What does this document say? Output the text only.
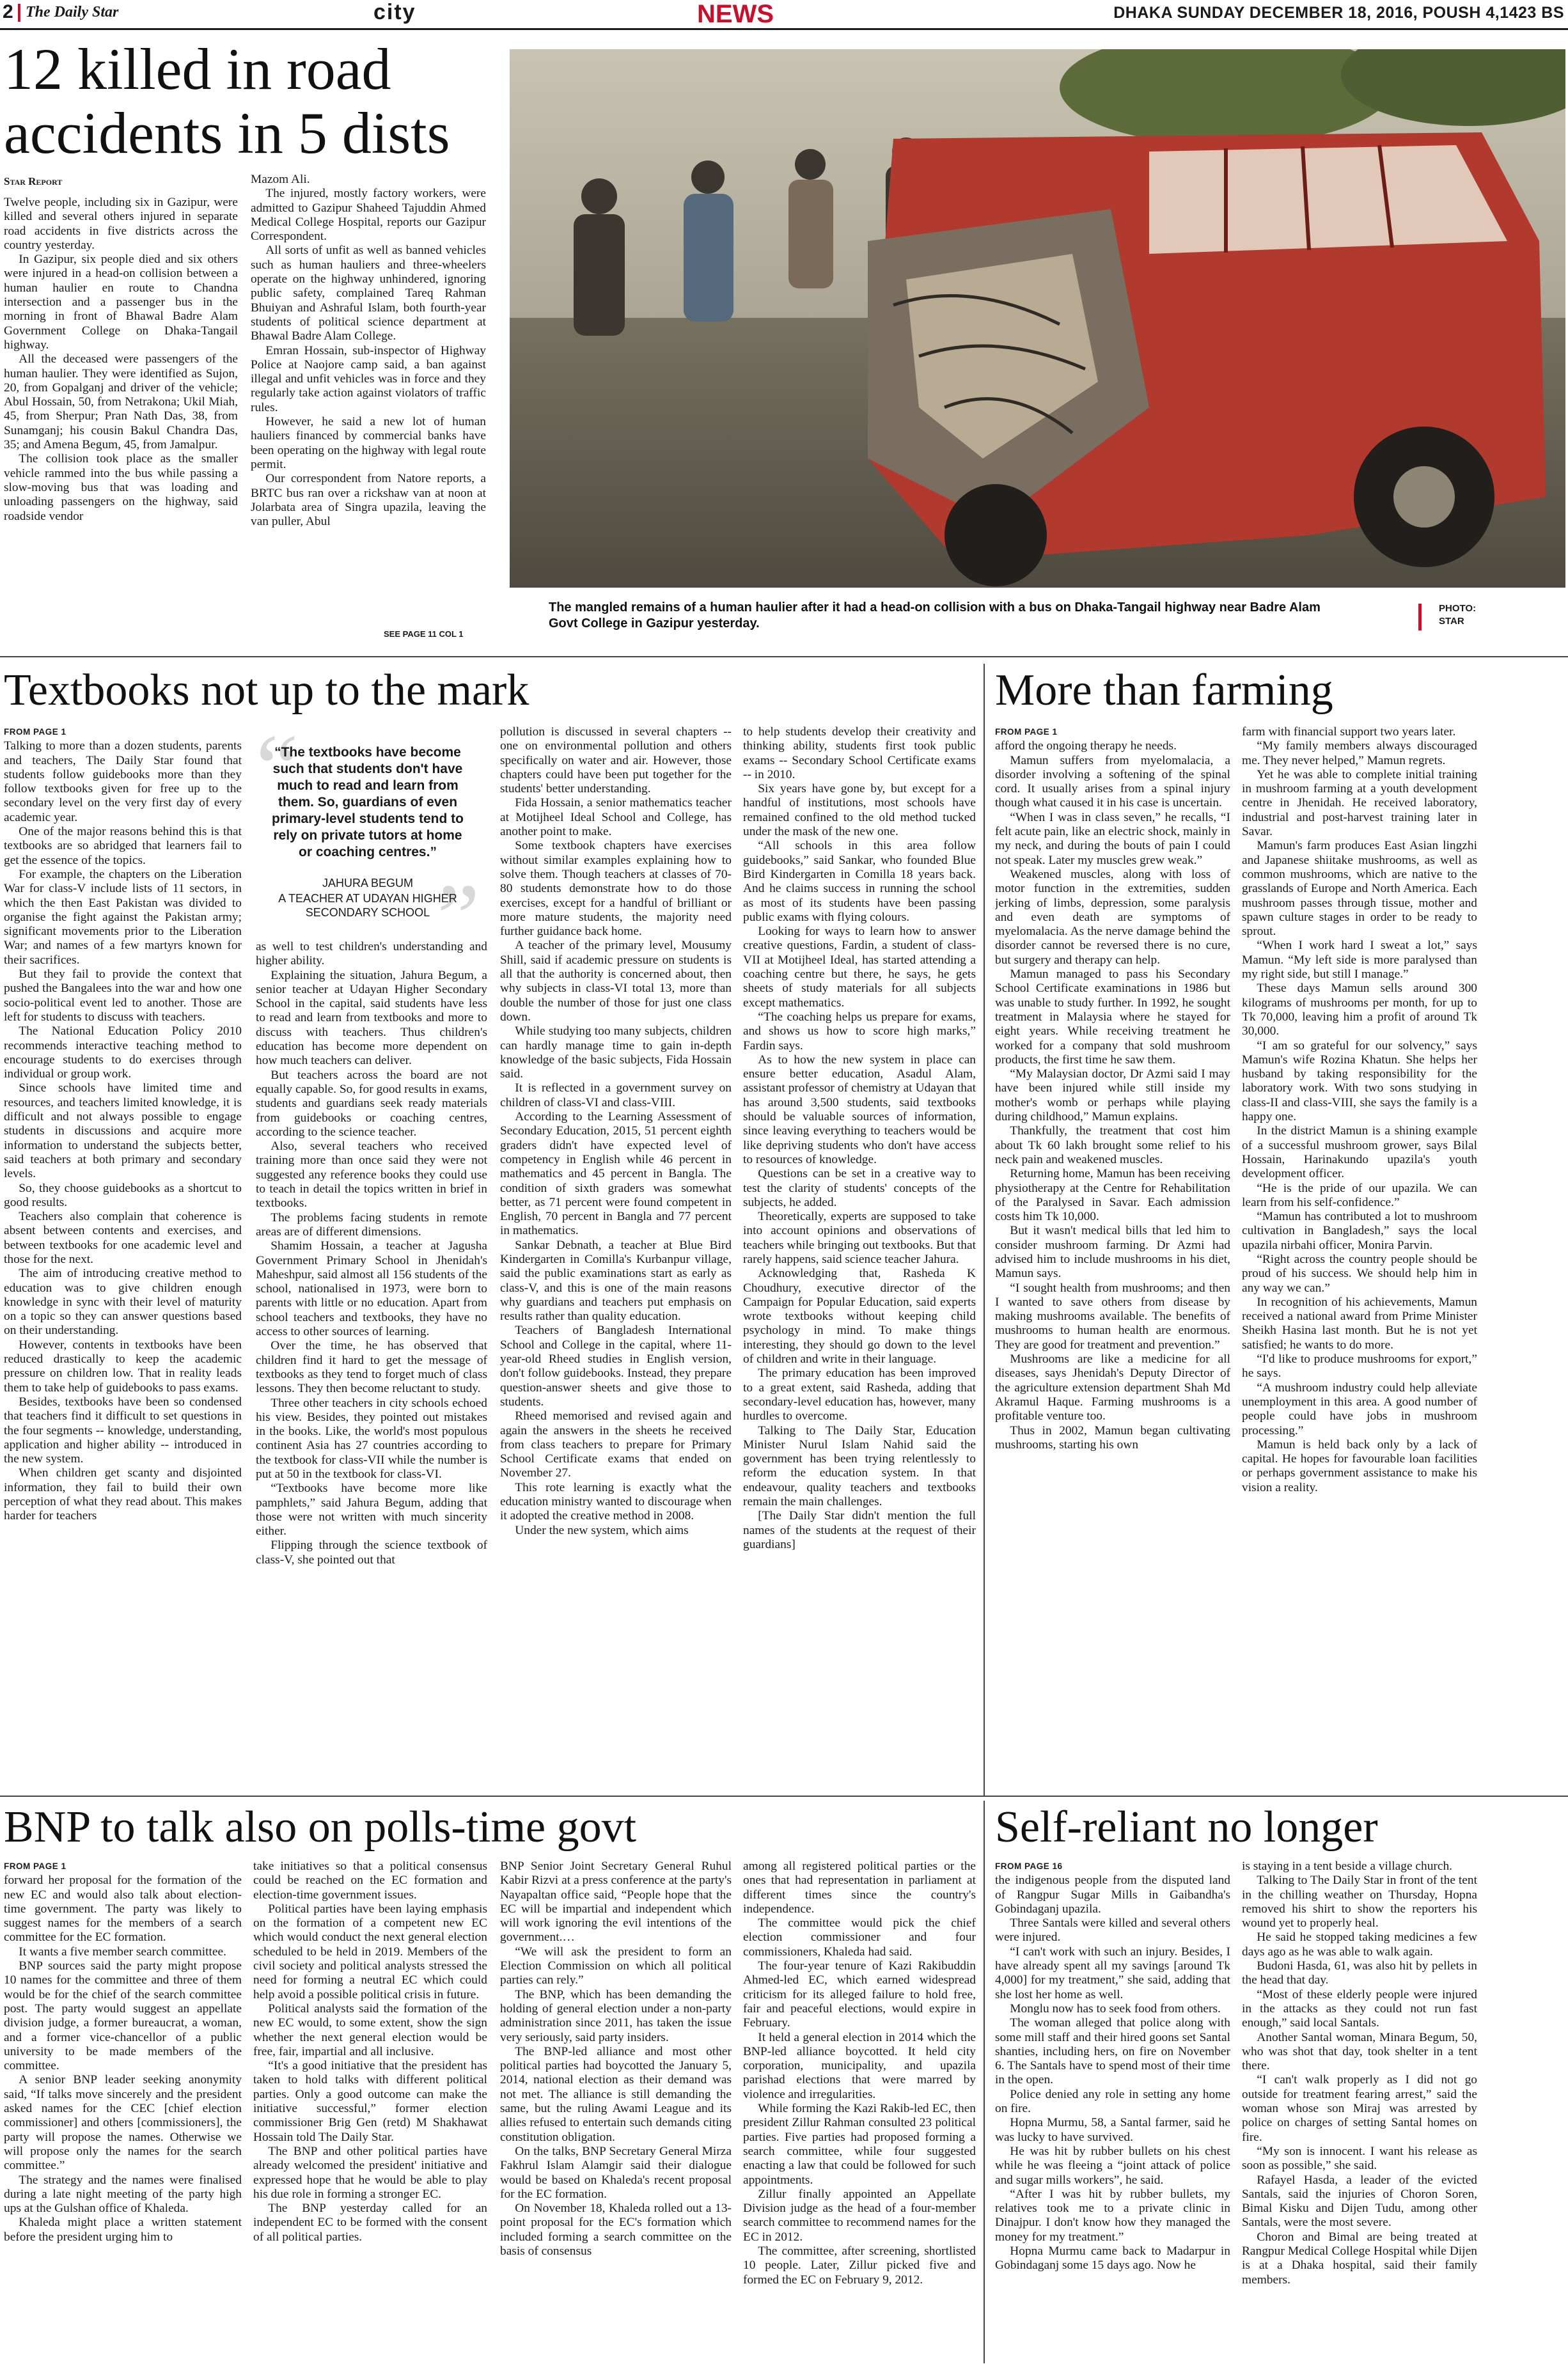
2 The Daily Star	city	NEWS	DHAKA SUNDAY DECEMBER 18, 2016, POUSH 4,1423 BS
12 killed in road accidents in 5 dists
Star Report

Twelve people, including six in Gazipur, were killed and several others injured in separate road accidents in five districts across the country yesterday.

In Gazipur, six people died and six others were injured in a head-on collision between a human haulier en route to Chandna intersection and a passenger bus in the morning in front of Bhawal Badre Alam Government College on Dhaka-Tangail highway.

All the deceased were passengers of the human haulier. They were identified as Sujon, 20, from Gopalganj and driver of the vehicle; Abul Hossain, 50, from Netrakona; Ukil Miah, 45, from Sherpur; Pran Nath Das, 38, from Sunamganj; his cousin Bakul Chandra Das, 35; and Amena Begum, 45, from Jamalpur.

The collision took place as the smaller vehicle rammed into the bus while passing a slow-moving bus that was loading and unloading passengers on the highway, said roadside vendor

Mazom Ali.

The injured, mostly factory workers, were admitted to Gazipur Shaheed Tajuddin Ahmed Medical College Hospital, reports our Gazipur Correspondent.

All sorts of unfit as well as banned vehicles such as human hauliers and three-wheelers operate on the highway unhindered, ignoring public safety, complained Tareq Rahman Bhuiyan and Ashraful Islam, both fourth-year students of political science department at Bhawal Badre Alam College.

Emran Hossain, sub-inspector of Highway Police at Naojore camp said, a ban against illegal and unfit vehicles was in force and they regularly take action against violators of traffic rules.

However, he said a new lot of human hauliers financed by commercial banks have been operating on the highway with legal route permit.

Our correspondent from Natore reports, a BRTC bus ran over a rickshaw van at noon at Jolarbata area of Singra upazila, leaving the van puller, Abul

SEE PAGE 11 COL 1
The mangled remains of a human haulier after it had a head-on collision with a bus on Dhaka-Tangail highway near Badre Alam Govt College in Gazipur yesterday.
PHOTO: STAR
Textbooks not up to the mark
FROM PAGE 1

Talking to more than a dozen students, parents and teachers, The Daily Star found that students follow guidebooks more than they follow textbooks given for free up to the secondary level on the very first day of every academic year.

One of the major reasons behind this is that textbooks are so abridged that learners fail to get the essence of the topics.

For example, the chapters on the Liberation War for class-V include lists of 11 sectors, in which the then East Pakistan was divided to organise the fight against the Pakistan army; significant movements prior to the Liberation War; and names of a few martyrs known for their sacrifices.

But they fail to provide the context that pushed the Bangalees into the war and how one socio-political event led to another. Those are left for students to discuss with teachers.

The National Education Policy 2010 recommends interactive teaching method to encourage students to do exercises through individual or group work.

Since schools have limited time and resources, and teachers limited knowledge, it is difficult and not always possible to engage students in discussions and acquire more information to understand the subjects better, said teachers at both primary and secondary levels.

So, they choose guidebooks as a shortcut to good results.

Teachers also complain that coherence is absent between contents and exercises, and between textbooks for one academic level and those for the next.

The aim of introducing creative method to education was to give children enough knowledge in sync with their level of maturity on a topic so they can answer questions based on their understanding.

However, contents in textbooks have been reduced drastically to keep the academic pressure on children low. That in reality leads them to take help of guidebooks to pass exams.

Besides, textbooks have been so condensed that teachers find it difficult to set questions in the four segments -- knowledge, understanding, application and higher ability -- introduced in the new system.

When children get scanty and disjointed information, they fail to build their own perception of what they read about. This makes harder for teachers

“
”
“The textbooks have become such that students don't have much to read and learn from them. So, guardians of even primary-level students tend to rely on private tutors at home or coaching centres.”
JAHURA BEGUM
A TEACHER AT UDAYAN HIGHER SECONDARY SCHOOL

as well to test children's understanding and higher ability.

Explaining the situation, Jahura Begum, a senior teacher at Udayan Higher Secondary School in the capital, said students have less to read and learn from textbooks and more to discuss with teachers. Thus children's education has become more dependent on how much teachers can deliver.

But teachers across the board are not equally capable. So, for good results in exams, students and guardians seek ready materials from guidebooks or coaching centres, according to the science teacher.

Also, several teachers who received training more than once said they were not suggested any reference books they could use to teach in detail the topics written in brief in textbooks.

The problems facing students in remote areas are of different dimensions.

Shamim Hossain, a teacher at Jagusha Government Primary School in Jhenidah's Maheshpur, said almost all 156 students of the school, nationalised in 1973, were born to parents with little or no education. Apart from school teachers and textbooks, they have no access to other sources of learning.

Over the time, he has observed that children find it hard to get the message of textbooks as they tend to forget much of class lessons. They then become reluctant to study.

Three other teachers in city schools echoed his view. Besides, they pointed out mistakes in the books. Like, the world's most populous continent Asia has 27 countries according to the textbook for class-VII while the number is put at 50 in the textbook for class-VI.

“Textbooks have become more like pamphlets,” said Jahura Begum, adding that those were not written with much sincerity either.

Flipping through the science textbook of class-V, she pointed out that

pollution is discussed in several chapters -- one on environmental pollution and others specifically on water and air. However, those chapters could have been put together for the students' better understanding.

Fida Hossain, a senior mathematics teacher at Motijheel Ideal School and College, has another point to make.

Some textbook chapters have exercises without similar examples explaining how to solve them. Though teachers at classes of 70-80 students demonstrate how to do those exercises, except for a handful of brilliant or more mature students, the majority need further guidance back home.

A teacher of the primary level, Mousumy Shill, said if academic pressure on students is all that the authority is concerned about, then why subjects in class-VI total 13, more than double the number of those for just one class down.

While studying too many subjects, children can hardly manage time to gain in-depth knowledge of the basic subjects, Fida Hossain said.

It is reflected in a government survey on children of class-VI and class-VIII.

According to the Learning Assessment of Secondary Education, 2015, 51 percent eighth graders didn't have expected level of competency in English while 46 percent in mathematics and 45 percent in Bangla. The condition of sixth graders was somewhat better, as 71 percent were found competent in English, 70 percent in Bangla and 77 percent in mathematics.

Sankar Debnath, a teacher at Blue Bird Kindergarten in Comilla's Kurbanpur village, said the public examinations start as early as class-V, and this is one of the main reasons why guardians and teachers put emphasis on results rather than quality education.

Teachers of Bangladesh International School and College in the capital, where 11-year-old Rheed studies in English version, don't follow guidebooks. Instead, they prepare question-answer sheets and give those to students.

Rheed memorised and revised again and again the answers in the sheets he received from class teachers to prepare for Primary School Certificate exams that ended on November 27.

This rote learning is exactly what the education ministry wanted to discourage when it adopted the creative method in 2008.

Under the new system, which aims

to help students develop their creativity and thinking ability, students first took public exams -- Secondary School Certificate exams -- in 2010.

Six years have gone by, but except for a handful of institutions, most schools have remained confined to the old method tucked under the mask of the new one.

“All schools in this area follow guidebooks,” said Sankar, who founded Blue Bird Kindergarten in Comilla 18 years back. And he claims success in running the school as most of its students have been passing public exams with flying colours.

Looking for ways to learn how to answer creative questions, Fardin, a student of class-VII at Motijheel Ideal, has started attending a coaching centre but there, he says, he gets sheets of study materials for all subjects except mathematics.

“The coaching helps us prepare for exams, and shows us how to score high marks,” Fardin says.

As to how the new system in place can ensure better education, Asadul Alam, assistant professor of chemistry at Udayan that has around 3,500 students, said textbooks should be valuable sources of information, since leaving everything to teachers would be like depriving students who don't have access to resources of knowledge.

Questions can be set in a creative way to test the clarity of students' concepts of the subjects, he added.

Theoretically, experts are supposed to take into account opinions and observations of teachers while bringing out textbooks. But that rarely happens, said science teacher Jahura.

Acknowledging that, Rasheda K Choudhury, executive director of the Campaign for Popular Education, said experts wrote textbooks without keeping child psychology in mind. To make things interesting, they should go down to the level of children and write in their language.

The primary education has been improved to a great extent, said Rasheda, adding that secondary-level education has, however, many hurdles to overcome.

Talking to The Daily Star, Education Minister Nurul Islam Nahid said the government has been trying relentlessly to reform the education system. In that endeavour, quality teachers and textbooks remain the main challenges.

[The Daily Star didn't mention the full names of the students at the request of their guardians]

More than farming
FROM PAGE 1

afford the ongoing therapy he needs.

Mamun suffers from myelomalacia, a disorder involving a softening of the spinal cord. It usually arises from a spinal injury though what caused it in his case is uncertain.

“When I was in class seven,” he recalls, “I felt acute pain, like an electric shock, mainly in my neck, and during the bouts of pain I could not speak. Later my muscles grew weak.”

Weakened muscles, along with loss of motor function in the extremities, sudden jerking of limbs, depression, some paralysis and even death are symptoms of myelomalacia. As the nerve damage behind the disorder cannot be reversed there is no cure, but surgery and therapy can help.

Mamun managed to pass his Secondary School Certificate examinations in 1986 but was unable to study further. In 1992, he sought treatment in Malaysia where he stayed for eight years. While receiving treatment he worked for a company that sold mushroom products, the first time he saw them.

“My Malaysian doctor, Dr Azmi said I may have been injured while still inside my mother's womb or perhaps while playing during childhood,” Mamun explains.

Thankfully, the treatment that cost him about Tk 60 lakh brought some relief to his neck pain and weakened muscles.

Returning home, Mamun has been receiving physiotherapy at the Centre for Rehabilitation of the Paralysed in Savar. Each admission costs him Tk 10,000.

But it wasn't medical bills that led him to consider mushroom farming. Dr Azmi had advised him to include mushrooms in his diet, Mamun says.

“I sought health from mushrooms; and then I wanted to save others from disease by making mushrooms available. The benefits of mushrooms to human health are enormous. They are good for treatment and prevention.”

Mushrooms are like a medicine for all diseases, says Jhenidah's Deputy Director of the agriculture extension department Shah Md Akramul Haque. Farming mushrooms is a profitable venture too.

Thus in 2002, Mamun began cultivating mushrooms, starting his own

farm with financial support two years later.

“My family members always discouraged me. They never helped,” Mamun regrets.

Yet he was able to complete initial training in mushroom farming at a youth development centre in Jhenidah. He received laboratory, industrial and post-harvest training later in Savar.

Mamun's farm produces East Asian lingzhi and Japanese shiitake mushrooms, as well as common mushrooms, which are native to the grasslands of Europe and North America. Each mushroom passes through tissue, mother and spawn culture stages in order to be ready to sprout.

“When I work hard I sweat a lot,” says Mamun. “My left side is more paralysed than my right side, but still I manage.”

These days Mamun sells around 300 kilograms of mushrooms per month, for up to Tk 70,000, leaving him a profit of around Tk 30,000.

“I am so grateful for our solvency,” says Mamun's wife Rozina Khatun. She helps her husband by taking responsibility for the laboratory work. With two sons studying in class-II and class-VIII, she says the family is a happy one.

In the district Mamun is a shining example of a successful mushroom grower, says Bilal Hossain, Harinakundo upazila's youth development officer.

“He is the pride of our upazila. We can learn from his self-confidence.”

“Mamun has contributed a lot to mushroom cultivation in Bangladesh,” says the local upazila nirbahi officer, Monira Parvin.

“Right across the country people should be proud of his success. We should help him in any way we can.”

In recognition of his achievements, Mamun received a national award from Prime Minister Sheikh Hasina last month. But he is not yet satisfied; he wants to do more.

“I'd like to produce mushrooms for export,” he says.

“A mushroom industry could help alleviate unemployment in this area. A good number of people could have jobs in mushroom processing.”

Mamun is held back only by a lack of capital. He hopes for favourable loan facilities or perhaps government assistance to make his vision a reality.

BNP to talk also on polls-time govt
FROM PAGE 1

forward her proposal for the formation of the new EC and would also talk about election-time government. The party was likely to suggest names for the members of a search committee for the EC formation.

It wants a five member search committee.

BNP sources said the party might propose 10 names for the committee and three of them would be for the chief of the search committee post. The party would suggest an appellate division judge, a former bureaucrat, a woman, and a former vice-chancellor of a public university to be made members of the committee.

A senior BNP leader seeking anonymity said, “If talks move sincerely and the president asked names for the CEC [chief election commissioner] and others [commissioners], the party will propose the names. Otherwise we will propose only the names for the search committee.”

The strategy and the names were finalised during a late night meeting of the party high ups at the Gulshan office of Khaleda.

Khaleda might place a written statement before the president urging him to

take initiatives so that a political consensus could be reached on the EC formation and election-time government issues.

Political parties have been laying emphasis on the formation of a competent new EC which would conduct the next general election scheduled to be held in 2019. Members of the civil society and political analysts stressed the need for forming a neutral EC which could help avoid a possible political crisis in future.

Political analysts said the formation of the new EC would, to some extent, show the sign whether the next general election would be free, fair, impartial and all inclusive.

“It's a good initiative that the president has taken to hold talks with different political parties. Only a good outcome can make the initiative successful,” former election commissioner Brig Gen (retd) M Shakhawat Hossain told The Daily Star.

The BNP and other political parties have already welcomed the president' initiative and expressed hope that he would be able to play his due role in forming a stronger EC.

The BNP yesterday called for an independent EC to be formed with the consent of all political parties.

BNP Senior Joint Secretary General Ruhul Kabir Rizvi at a press conference at the party's Nayapaltan office said, “People hope that the EC will be impartial and independent which will work ignoring the evil intentions of the government.…

“We will ask the president to form an Election Commission on which all political parties can rely.”

The BNP, which has been demanding the holding of general election under a non-party administration since 2011, has taken the issue very seriously, said party insiders.

The BNP-led alliance and most other political parties had boycotted the January 5, 2014, national election as their demand was not met. The alliance is still demanding the same, but the ruling Awami League and its allies refused to entertain such demands citing constitution obligation.

On the talks, BNP Secretary General Mirza Fakhrul Islam Alamgir said their dialogue would be based on Khaleda's recent proposal for the EC formation.

On November 18, Khaleda rolled out a 13-point proposal for the EC's formation which included forming a search committee on the basis of consensus

among all registered political parties or the ones that had representation in parliament at different times since the country's independence.

The committee would pick the chief election commissioner and four commissioners, Khaleda had said.

The four-year tenure of Kazi Rakibuddin Ahmed-led EC, which earned widespread criticism for its alleged failure to hold free, fair and peaceful elections, would expire in February.

It held a general election in 2014 which the BNP-led alliance boycotted. It held city corporation, municipality, and upazila parishad elections that were marred by violence and irregularities.

While forming the Kazi Rakib-led EC, then president Zillur Rahman consulted 23 political parties. Five parties had proposed forming a search committee, while four suggested enacting a law that could be followed for such appointments.

Zillur finally appointed an Appellate Division judge as the head of a four-member search committee to recommend names for the EC in 2012.

The committee, after screening, shortlisted 10 people. Later, Zillur picked five and formed the EC on February 9, 2012.

Self-reliant no longer
FROM PAGE 16

the indigenous people from the disputed land of Rangpur Sugar Mills in Gaibandha's Gobindaganj upazila.

Three Santals were killed and several others were injured.

“I can't work with such an injury. Besides, I have already spent all my savings [around Tk 4,000] for my treatment,” she said, adding that she lost her home as well.

Monglu now has to seek food from others.

The woman alleged that police along with some mill staff and their hired goons set Santal shanties, including hers, on fire on November 6. The Santals have to spend most of their time in the open.

Police denied any role in setting any home on fire.

Hopna Murmu, 58, a Santal farmer, said he was lucky to have survived.

He was hit by rubber bullets on his chest while he was fleeing a “joint attack of police and sugar mills workers”, he said.

“After I was hit by rubber bullets, my relatives took me to a private clinic in Dinajpur. I don't know how they managed the money for my treatment.”

Hopna Murmu came back to Madarpur in Gobindaganj some 15 days ago. Now he

is staying in a tent beside a village church.

Talking to The Daily Star in front of the tent in the chilling weather on Thursday, Hopna removed his shirt to show the reporters his wound yet to properly heal.

He said he stopped taking medicines a few days ago as he was able to walk again.

Budoni Hasda, 61, was also hit by pellets in the head that day.

“Most of these elderly people were injured in the attacks as they could not run fast enough,” said local Santals.

Another Santal woman, Minara Begum, 50, who was shot that day, took shelter in a tent there.

“I can't walk properly as I did not go outside for treatment fearing arrest,” said the woman whose son Miraj was arrested by police on charges of setting Santal homes on fire.

“My son is innocent. I want his release as soon as possible,” she said.

Rafayel Hasda, a leader of the evicted Santals, said the injuries of Choron Soren, Bimal Kisku and Dijen Tudu, among other Santals, were the most severe.

Choron and Bimal are being treated at Rangpur Medical College Hospital while Dijen is at a Dhaka hospital, said their family members.
